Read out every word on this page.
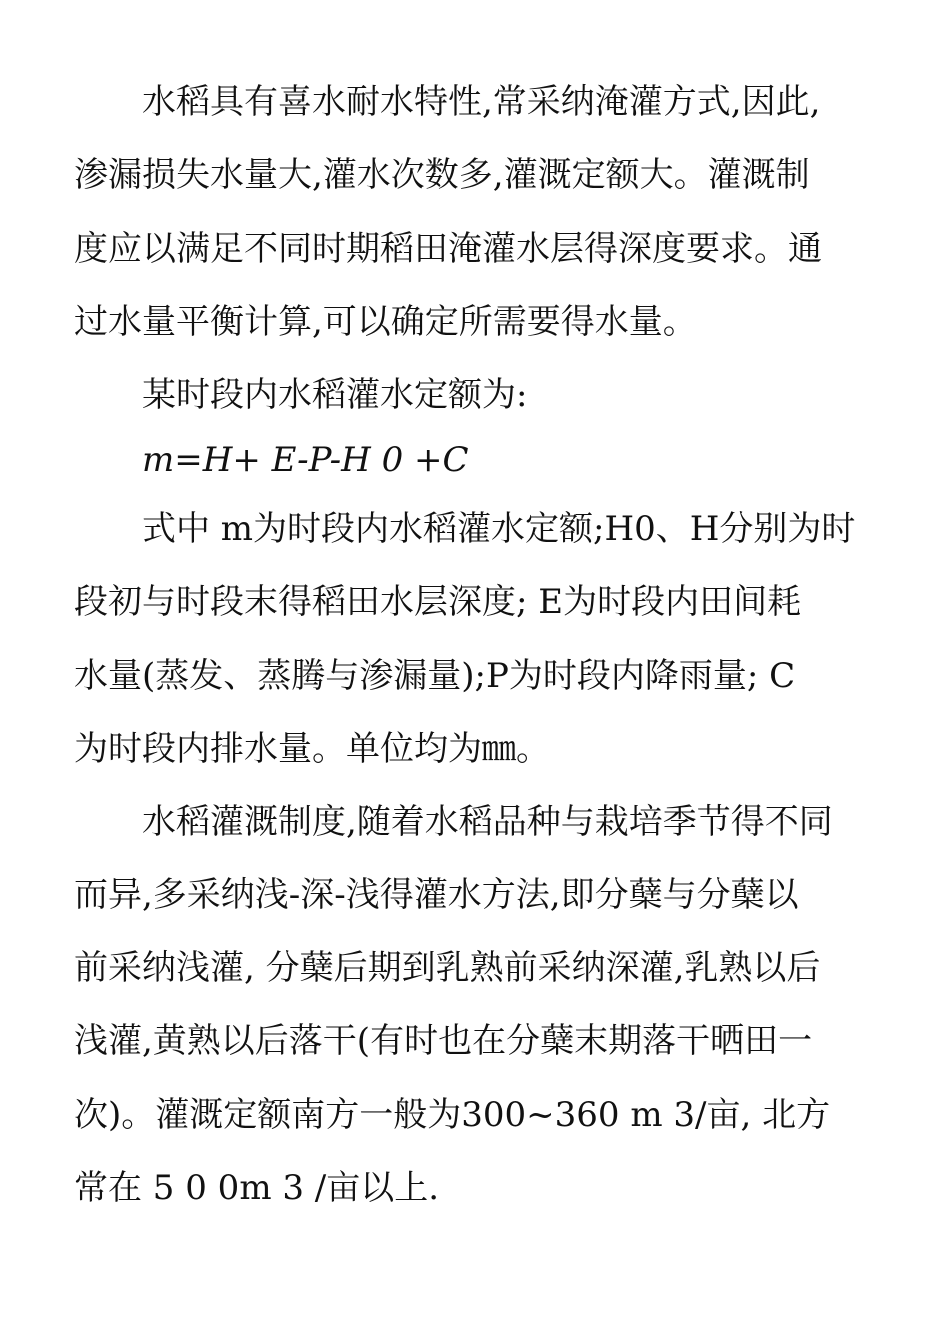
水稻具有喜水耐水特性,常采纳淹灌方式,因此,
渗漏损失水量大,灌水次数多,灌溉定额大。灌溉制
度应以满足不同时期稻田淹灌水层得深度要求。通
过水量平衡计算,可以确定所需要得水量。
某时段内水稻灌水定额为:
m=H+ E-P-H 0 +C
式中 m为时段内水稻灌水定额;H0、H分别为时
段初与时段末得稻田水层深度; E为时段内田间耗
水量(蒸发、蒸腾与渗漏量);P为时段内降雨量; C
为时段内排水量。单位均为㎜。
水稻灌溉制度,随着水稻品种与栽培季节得不同
而异,多采纳浅-深-浅得灌水方法,即分蘖与分蘖以
前采纳浅灌, 分蘖后期到乳熟前采纳深灌,乳熟以后
浅灌,黄熟以后落干(有时也在分蘖末期落干晒田一
次)。灌溉定额南方一般为300~360 m 3/亩, 北方
常在 5 0 0m 3 /亩以上.
